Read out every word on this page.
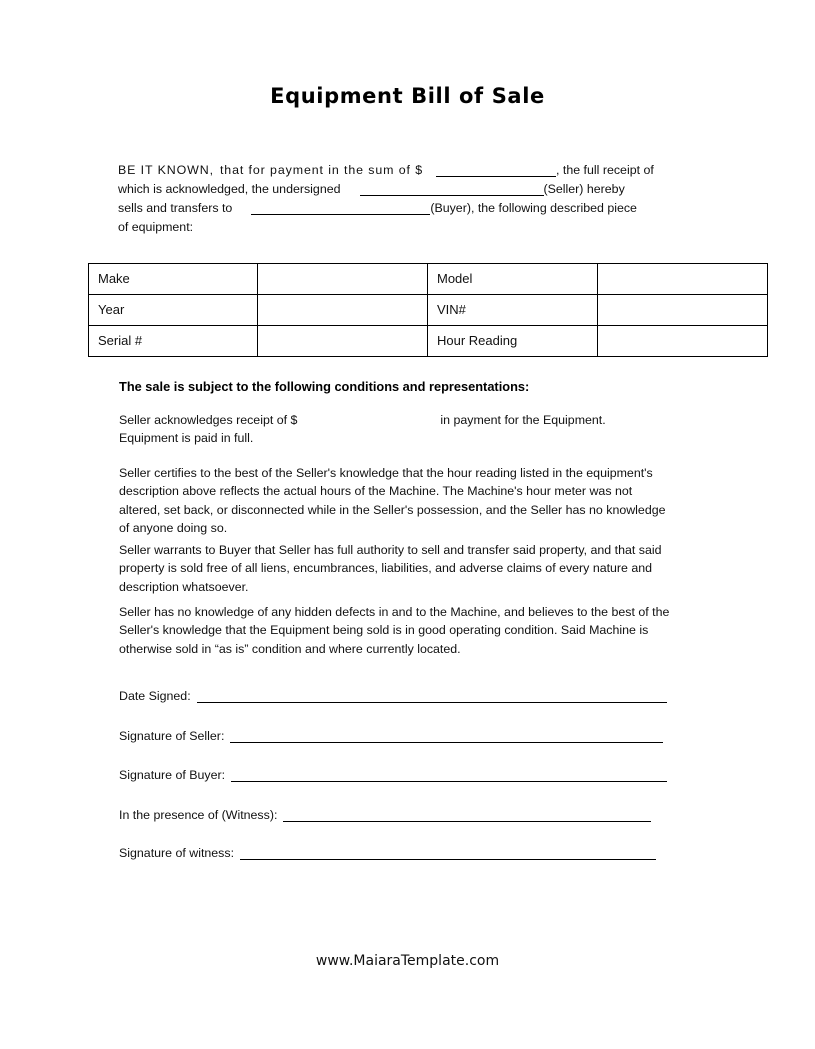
Equipment Bill of Sale
BE IT KNOWN, that for payment in the sum of $	, the full receipt of
which is acknowledged, the undersigned	(Seller) hereby
sells and transfers to	(Buyer), the following described piece
of equipment:
Make		Model	
Year		VIN#	
Serial #		Hour Reading	
The sale is subject to the following conditions and representations:
Seller acknowledges receipt of $	in payment for the Equipment.
Equipment is paid in full.
Seller certifies to the best of the Seller's knowledge that the hour reading listed in the equipment's description above reflects the actual hours of the Machine. The Machine's hour meter was not altered, set back, or disconnected while in the Seller's possession, and the Seller has no knowledge of anyone doing so.
Seller warrants to Buyer that Seller has full authority to sell and transfer said property, and that said property is sold free of all liens, encumbrances, liabilities, and adverse claims of every nature and description whatsoever.
Seller has no knowledge of any hidden defects in and to the Machine, and believes to the best of the Seller's knowledge that the Equipment being sold is in good operating condition. Said Machine is otherwise sold in “as is” condition and where currently located.
Date Signed:
Signature of Seller:
Signature of Buyer:
In the presence of (Witness):
Signature of witness:
www.MaiaraTemplate.com
